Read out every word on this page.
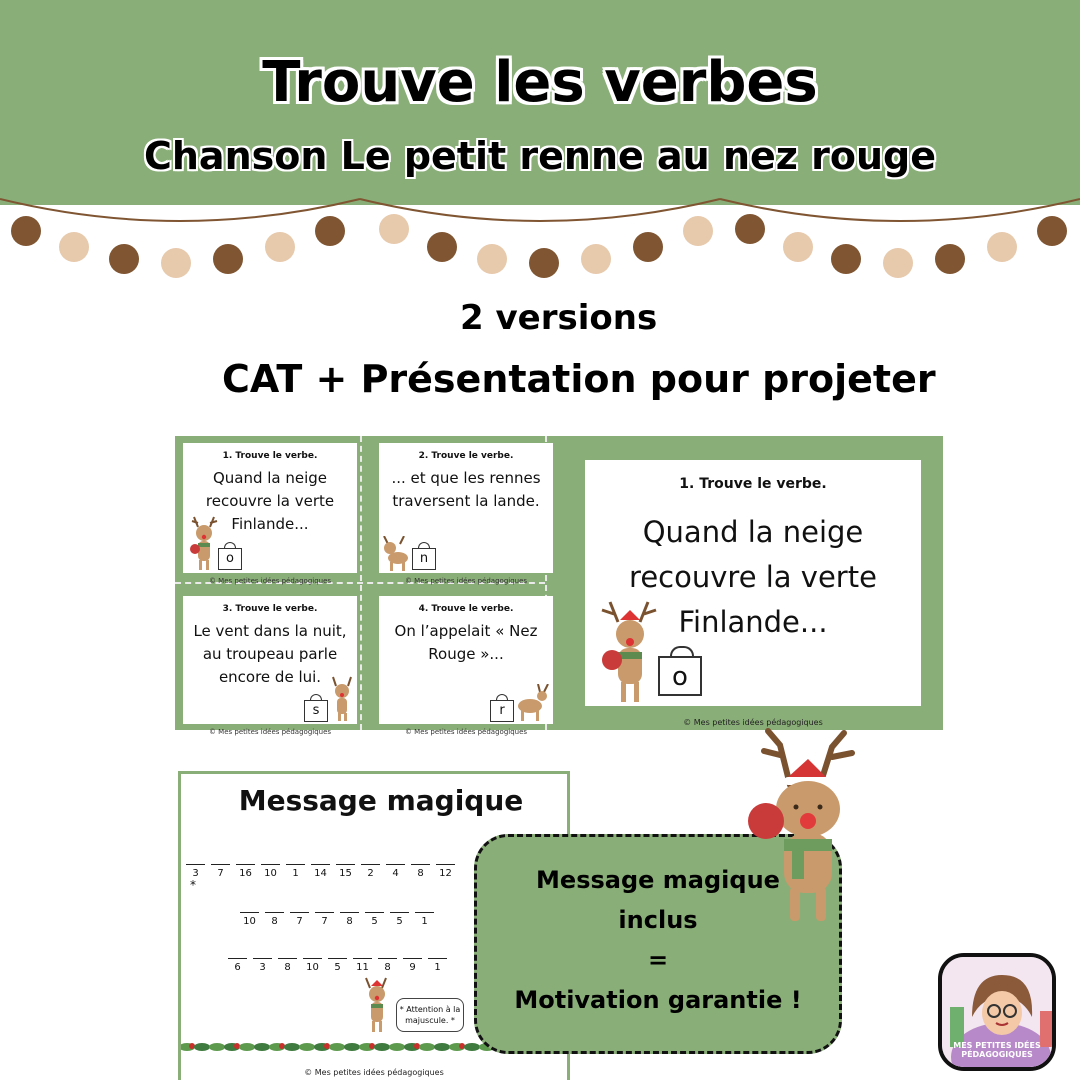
Trouve les verbes
Chanson Le petit renne au nez rouge
2 versions
CAT + Présentation pour projeter
1. Trouve le verbe.
Quand la neige recouvre la verte Finlande...
© Mes petites idées pédagogiques
2. Trouve le verbe.
... et que les rennes traversent la lande.
© Mes petites idées pédagogiques
3. Trouve le verbe.
Le vent dans la nuit, au troupeau parle encore de lui.
© Mes petites idées pédagogiques
4. Trouve le verbe.
On l’appelait « Nez Rouge »...
© Mes petites idées pédagogiques
1. Trouve le verbe.
Quand la neige recouvre la verte Finlande...
© Mes petites idées pédagogiques
o	n
s	r
o
Message magique
3	7	16	10	1	14	15	2	4	8	12
*
10	8	7	7	8	5	5	1
6	3	8	10	5	11	8	9	1
* Attention à la majuscule. *
© Mes petites idées pédagogiques
Message magique
inclus
=
Motivation garantie !
MES PETITES IDÉES
PÉDAGOGIQUES
